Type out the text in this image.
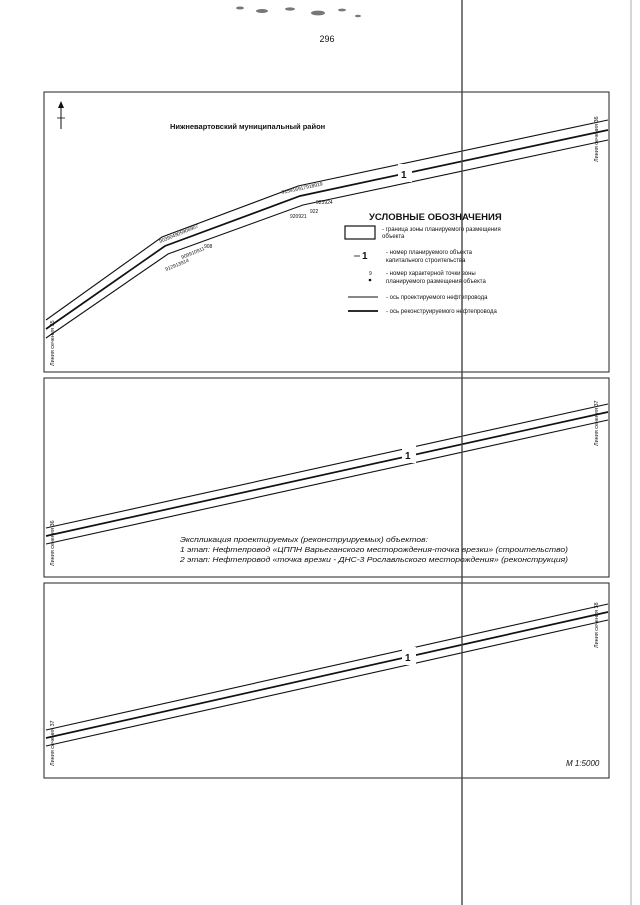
296
Нижневартовский муниципальный район
1
903904905906907
908
909910911
912913914
915916917918919
920921
922
923924
Линия сечения 36
Линия сечения 35
УСЛОВНЫЕ ОБОЗНАЧЕНИЯ
- граница зоны планируемого размещения
объекта
1	- номер планируемого объекта
капитального строительства
9 - номер характерной точки зоны
планируемого размещения объекта
- ось проектируемого нефтепровода
- ось реконструируемого нефтепровода
1
Линия сечения 37
Линия сечения 36	Экспликация проектируемых (реконструируемых) объектов:
1 этап: Нефтепровод «ЦППН Варьеганского месторождения-точка врезки» (строительство)
2 этап: Нефтепровод «точка врезки - ДНС-3 Рославльского месторождения» (реконструкция)
1
Линия сечения 38
Линия сечения 37	М 1:5000
